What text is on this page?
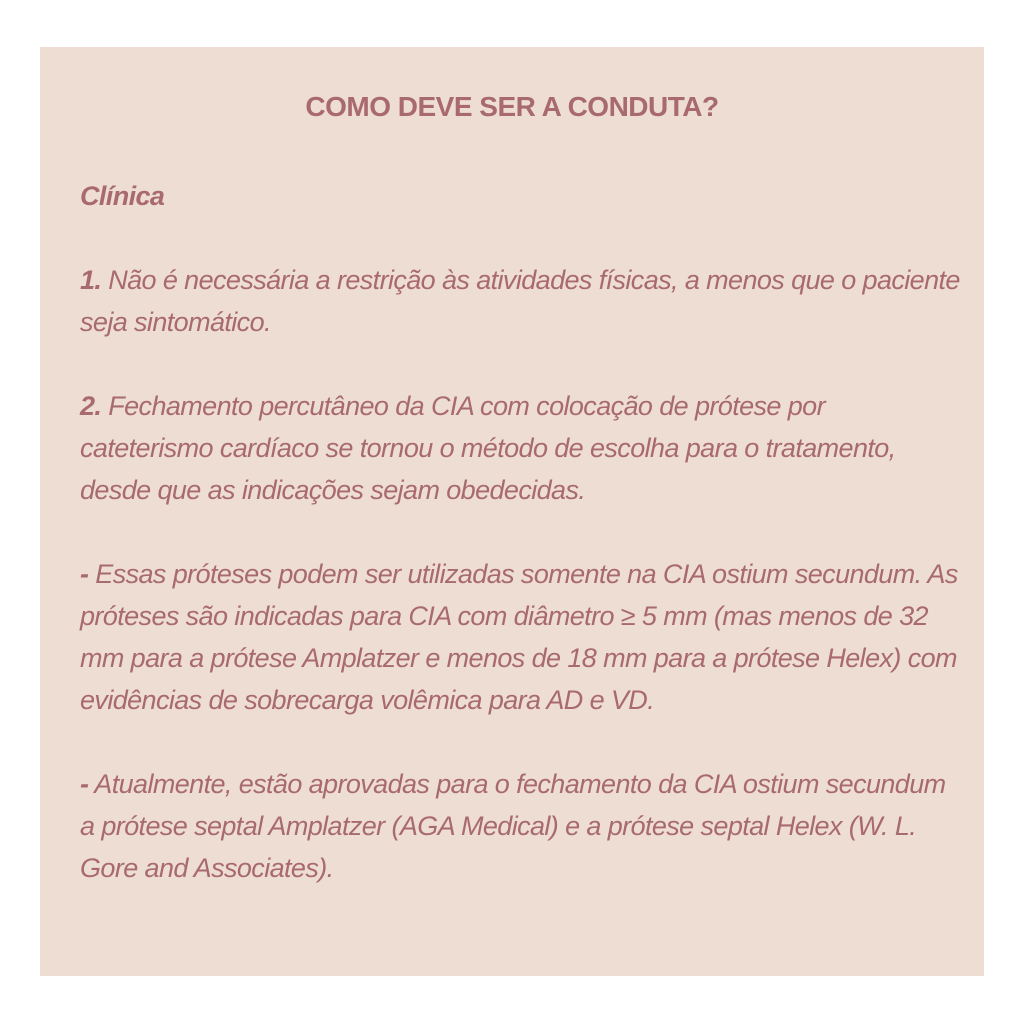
COMO DEVE SER A CONDUTA?

Clínica

1. Não é necessária a restrição às atividades físicas, a menos que o paciente seja sintomático.

2. Fechamento percutâneo da CIA com colocação de prótese por cateterismo cardíaco se tornou o método de escolha para o tratamento, desde que as indicações sejam obedecidas.

- Essas próteses podem ser utilizadas somente na CIA ostium secundum. As próteses são indicadas para CIA com diâmetro ≥ 5 mm (mas menos de 32 mm para a prótese Amplatzer e menos de 18 mm para a prótese Helex) com evidências de sobrecarga volêmica para AD e VD.

- Atualmente, estão aprovadas para o fechamento da CIA ostium secundum a prótese septal Amplatzer (AGA Medical) e a prótese septal Helex (W. L. Gore and Associates).
